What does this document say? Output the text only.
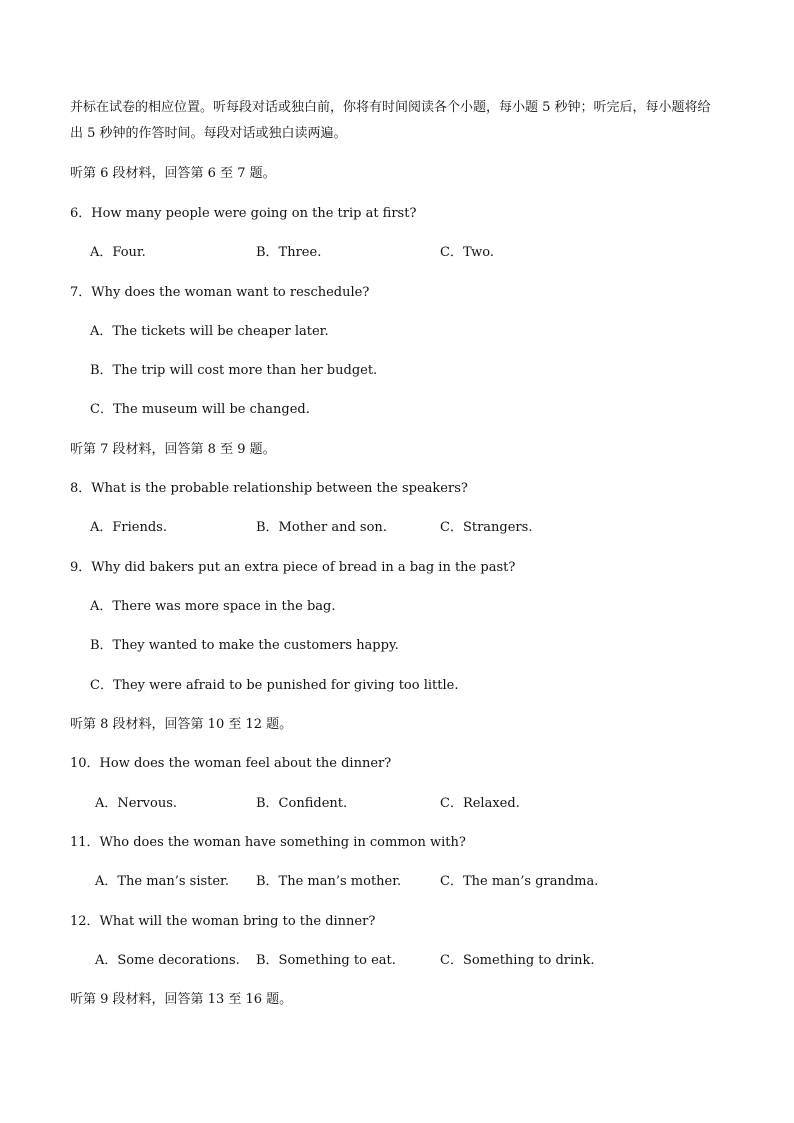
并标在试卷的相应位置。听每段对话或独白前，你将有时间阅读各个小题，每小题 5 秒钟；听完后，每小题将给
出 5 秒钟的作答时间。每段对话或独白读两遍。
听第 6 段材料，回答第 6 至 7 题。
6．How many people were going on the trip at first?
A．Four.	B．Three.	C．Two.
7．Why does the woman want to reschedule?
A．The tickets will be cheaper later.
B．The trip will cost more than her budget.
C．The museum will be changed.
听第 7 段材料，回答第 8 至 9 题。
8．What is the probable relationship between the speakers?
A．Friends.	B．Mother and son.	C．Strangers.
9．Why did bakers put an extra piece of bread in a bag in the past?
A．There was more space in the bag.
B．They wanted to make the customers happy.
C．They were afraid to be punished for giving too little.
听第 8 段材料，回答第 10 至 12 题。
10．How does the woman feel about the dinner?
A．Nervous.	B．Confident.	C．Relaxed.
11．Who does the woman have something in common with?
A．The man’s sister. B．The man’s mother.	C．The man’s grandma.
12．What will the woman bring to the dinner?
A．Some decorations. B．Something to eat.	C．Something to drink.
听第 9 段材料，回答第 13 至 16 题。
